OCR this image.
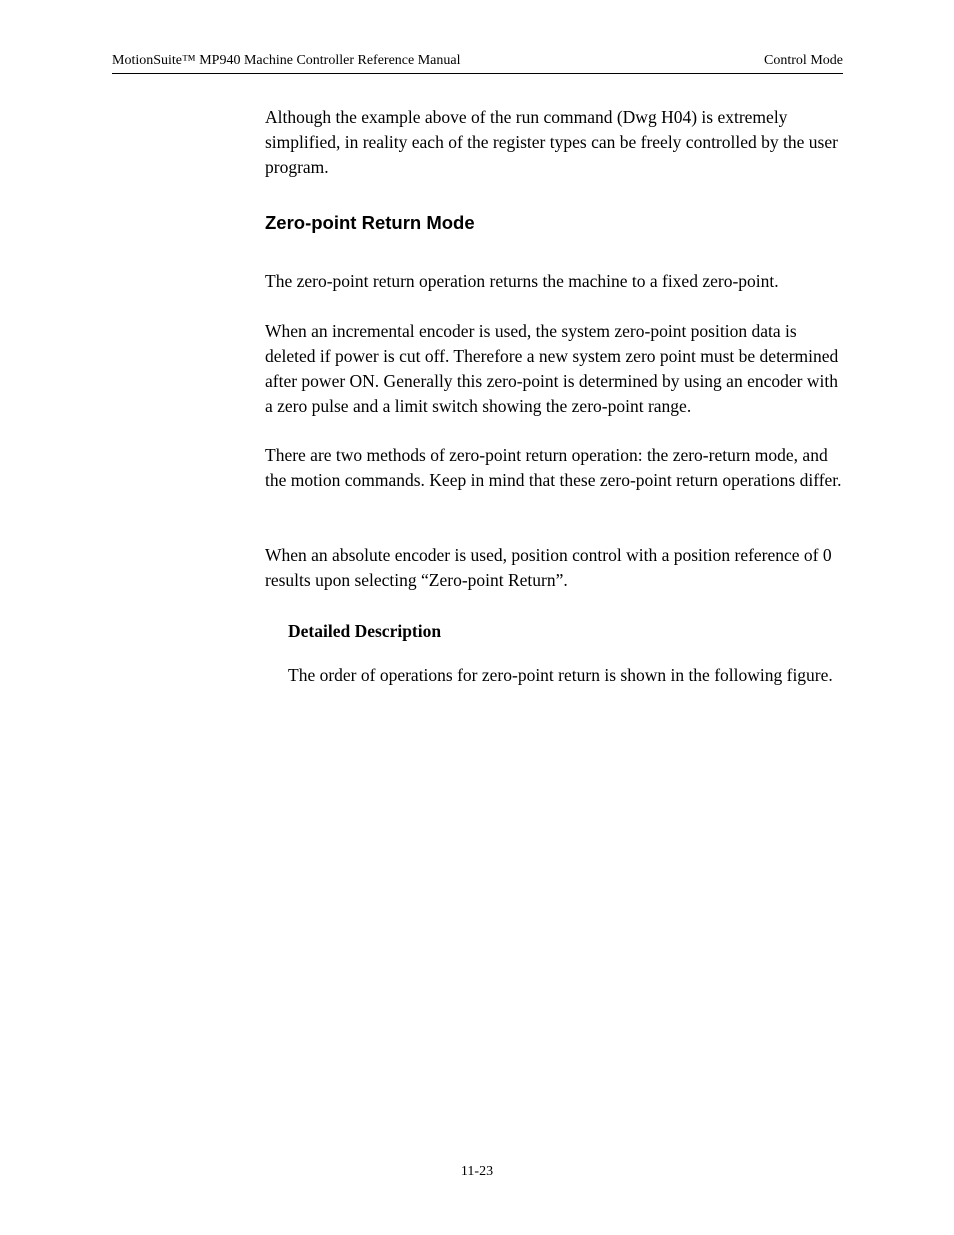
MotionSuite™ MP940 Machine Controller Reference Manual	Control Mode

Although the example above of the run command (Dwg H04) is extremely simplified, in reality each of the register types can be freely controlled by the user program.

Zero-point Return Mode

The zero-point return operation returns the machine to a fixed zero-point.

When an incremental encoder is used, the system zero-point position data is deleted if power is cut off. Therefore a new system zero point must be determined after power ON. Generally this zero-point is determined by using an encoder with a zero pulse and a limit switch showing the zero-point range.

There are two methods of zero-point return operation: the zero-return mode, and the motion commands. Keep in mind that these zero-point return operations differ.

When an absolute encoder is used, position control with a position reference of 0 results upon selecting “Zero-point Return”.

Detailed Description

The order of operations for zero-point return is shown in the following figure.

11-23
